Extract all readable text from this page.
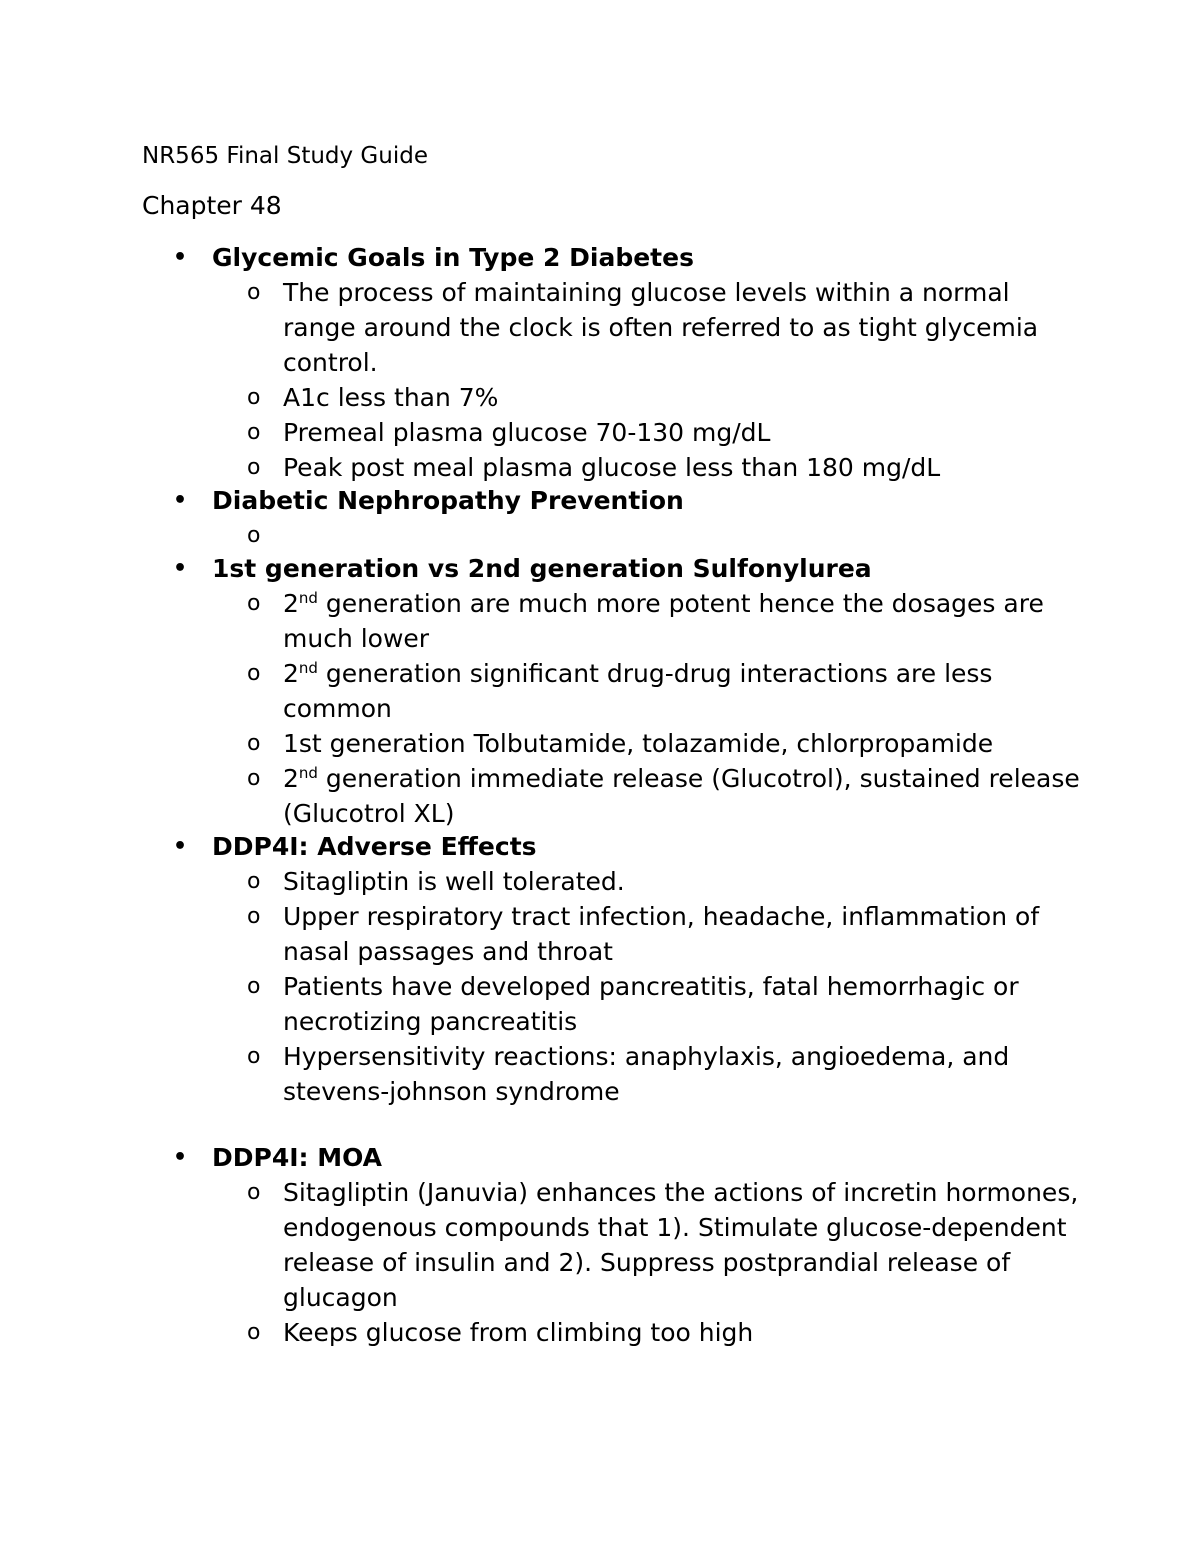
NR565 Final Study Guide
Chapter 48
• Glycemic Goals in Type 2 Diabetes
o The process of maintaining glucose levels within a normal range around the clock is often referred to as tight glycemia control.
o A1c less than 7%
o Premeal plasma glucose 70-130 mg/dL
o Peak post meal plasma glucose less than 180 mg/dL
• Diabetic Nephropathy Prevention
o
• 1st generation vs 2nd generation Sulfonylurea
o 2nd generation are much more potent hence the dosages are much lower
o 2nd generation significant drug-drug interactions are less common
o 1st generation Tolbutamide, tolazamide, chlorpropamide
o 2nd generation immediate release (Glucotrol), sustained release (Glucotrol XL)
• DDP4I: Adverse Effects
o Sitagliptin is well tolerated.
o Upper respiratory tract infection, headache, inflammation of nasal passages and throat
o Patients have developed pancreatitis, fatal hemorrhagic or necrotizing pancreatitis
o Hypersensitivity reactions: anaphylaxis, angioedema, and stevens-johnson syndrome
• DDP4I: MOA
o Sitagliptin (Januvia) enhances the actions of incretin hormones, endogenous compounds that 1). Stimulate glucose-dependent release of insulin and 2). Suppress postprandial release of glucagon
o Keeps glucose from climbing too high
